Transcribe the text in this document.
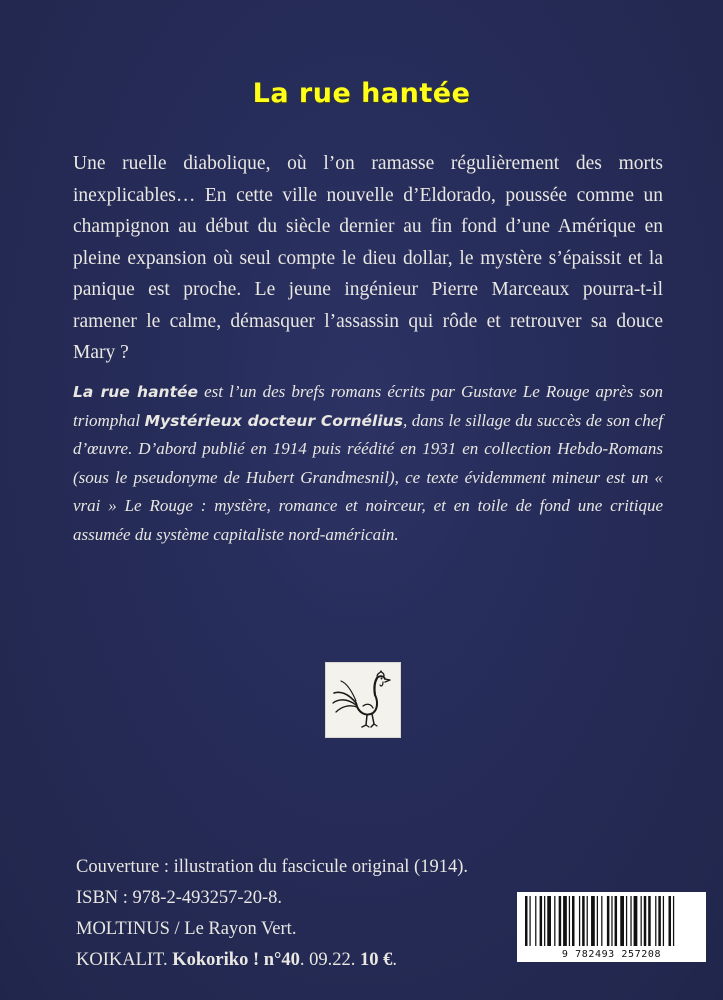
La rue hantée

Une ruelle diabolique, où l’on ramasse régulièrement des morts inexplicables… En cette ville nouvelle d’Eldorado, poussée comme un champignon au début du siècle dernier au fin fond d’une Amérique en pleine expansion où seul compte le dieu dollar, le mystère s’épaissit et la panique est proche. Le jeune ingénieur Pierre Marceaux pourra-t-il ramener le calme, démasquer l’assassin qui rôde et retrouver sa douce Mary ?

La rue hantée est l’un des brefs romans écrits par Gustave Le Rouge après son triomphal Mystérieux docteur Cornélius, dans le sillage du succès de son chef d’œuvre. D’abord publié en 1914 puis réédité en 1931 en collection Hebdo-Romans (sous le pseudonyme de Hubert Grandmesnil), ce texte évidemment mineur est un « vrai » Le Rouge : mystère, romance et noirceur, et en toile de fond une critique assumée du système capitaliste nord-américain.
Couverture : illustration du fascicule original (1914).
ISBN : 978-2-493257-20-8.
MOLTINUS / Le Rayon Vert.
KOIKALIT. Kokoriko ! n°40. 09.22. 10 €.	9 782493 257208
